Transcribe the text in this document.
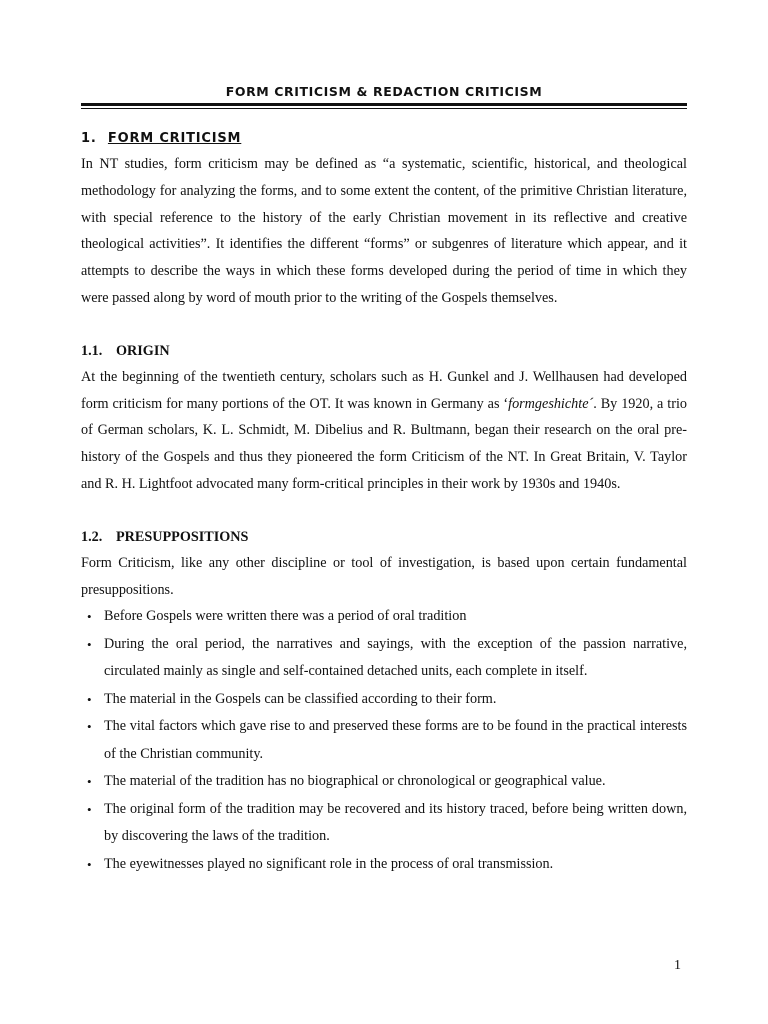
FORM CRITICISM & REDACTION CRITICISM
1. FORM CRITICISM

In NT studies, form criticism may be defined as “a systematic, scientific, historical, and theological methodology for analyzing the forms, and to some extent the content, of the primitive Christian literature, with special reference to the history of the early Christian movement in its reflective and creative theological activities”. It identifies the different “forms” or subgenres of literature which appear, and it attempts to describe the ways in which these forms developed during the period of time in which they were passed along by word of mouth prior to the writing of the Gospels themselves.

1.1. ORIGIN

At the beginning of the twentieth century, scholars such as H. Gunkel and J. Wellhausen had developed form criticism for many portions of the OT. It was known in Germany as ‘formgeshichte´. By 1920, a trio of German scholars, K. L. Schmidt, M. Dibelius and R. Bultmann, began their research on the oral pre-history of the Gospels and thus they pioneered the form Criticism of the NT. In Great Britain, V. Taylor and R. H. Lightfoot advocated many form-critical principles in their work by 1930s and 1940s.

1.2. PRESUPPOSITIONS

Form Criticism, like any other discipline or tool of investigation, is based upon certain fundamental presuppositions.

• Before Gospels were written there was a period of oral tradition
• During the oral period, the narratives and sayings, with the exception of the passion narrative, circulated mainly as single and self-contained detached units, each complete in itself.
• The material in the Gospels can be classified according to their form.
• The vital factors which gave rise to and preserved these forms are to be found in the practical interests of the Christian community.
• The material of the tradition has no biographical or chronological or geographical value.
• The original form of the tradition may be recovered and its history traced, before being written down, by discovering the laws of the tradition.
• The eyewitnesses played no significant role in the process of oral transmission.
1
